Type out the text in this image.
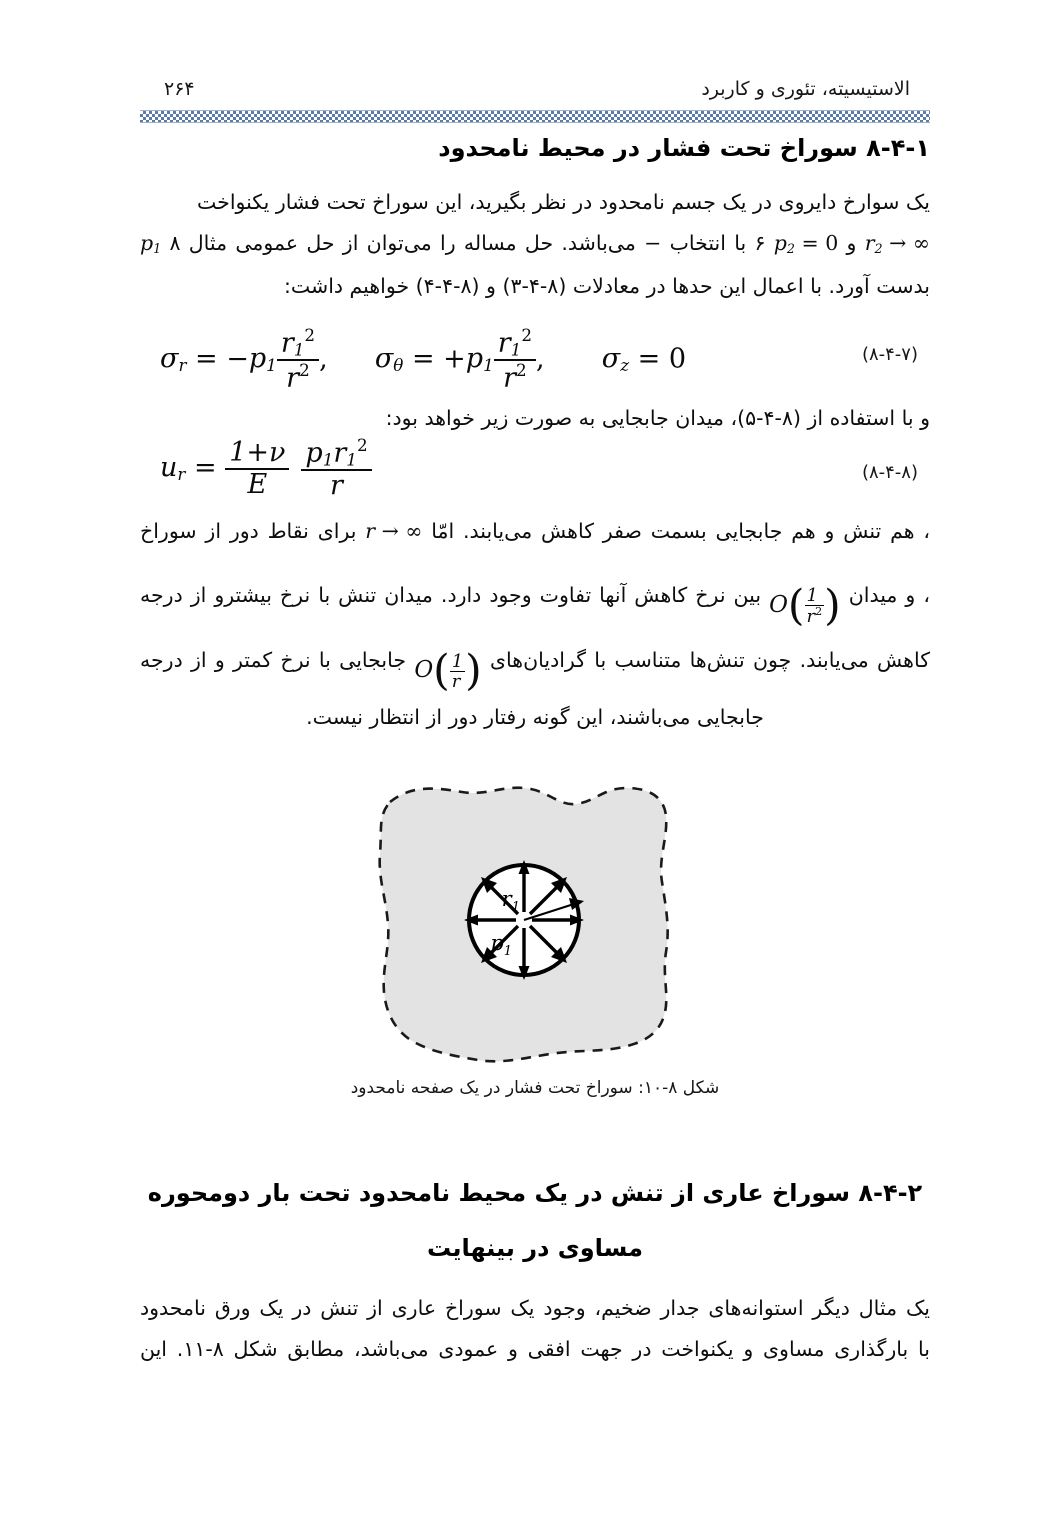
الاستیسیته، تئوری و کاربرد
۲۶۴
۸-۴-۱ سوراخ تحت فشار در محیط نامحدود
یک سوارخ دایروی در یک جسم نامحدود در نظر بگیرید، این سوراخ تحت فشار یکنواخت
$r_2$ → ∞ و $p_2 = 0$ ۶ با انتخاب − می‌باشد. حل مساله را می‌توان از حل عمومی مثال ۸ $p_1$
بدست آورد. با اعمال این حدها در معادلات (۸-۴-۳) و (۸-۴-۴) خواهیم داشت:
$\sigma_r = -p_1 \frac{r_1^2}{r^2}$ , $\sigma_\theta = +p_1 \frac{r_1^2}{r^2}$ , $\sigma_z = 0$	(۸-۴-۷)
و با استفاده از (۸-۴-۵)، میدان جابجایی به صورت زیر خواهد بود:
$u_r = \frac{1+\nu}{E} \frac{p_1r_1^2}{r}$	(۸-۴-۸)
، هم تنش و هم جابجایی بسمت صفر کاهش می‌یابند. امّا r → ∞ برای نقاط دور از سوراخ
، و میدان $O( \frac{1}{r^2}$ ) بین نرخ کاهش آنها تفاوت وجود دارد. میدان تنش با نرخ بیشترو از درجه
کاهش می‌یابند. چون تنش‌ها متناسب با گرادیان‌های $O( \frac{1}{r}$ ) جابجایی با نرخ کمتر و از درجه
جابجایی می‌باشند، این گونه رفتار دور از انتظار نیست.
$r_1$
$p_1$
شکل ۸-۱۰: سوراخ تحت فشار در یک صفحه نامحدود
۸-۴-۲ سوراخ عاری از تنش در یک محیط نامحدود تحت بار دومحوره
مساوی در بینهایت
یک مثال دیگر استوانه‌های جدار ضخیم، وجود یک سوراخ عاری از تنش در یک ورق نامحدود
با بارگذاری مساوی و یکنواخت در جهت افقی و عمودی می‌باشد، مطابق شکل ۸-۱۱. این
